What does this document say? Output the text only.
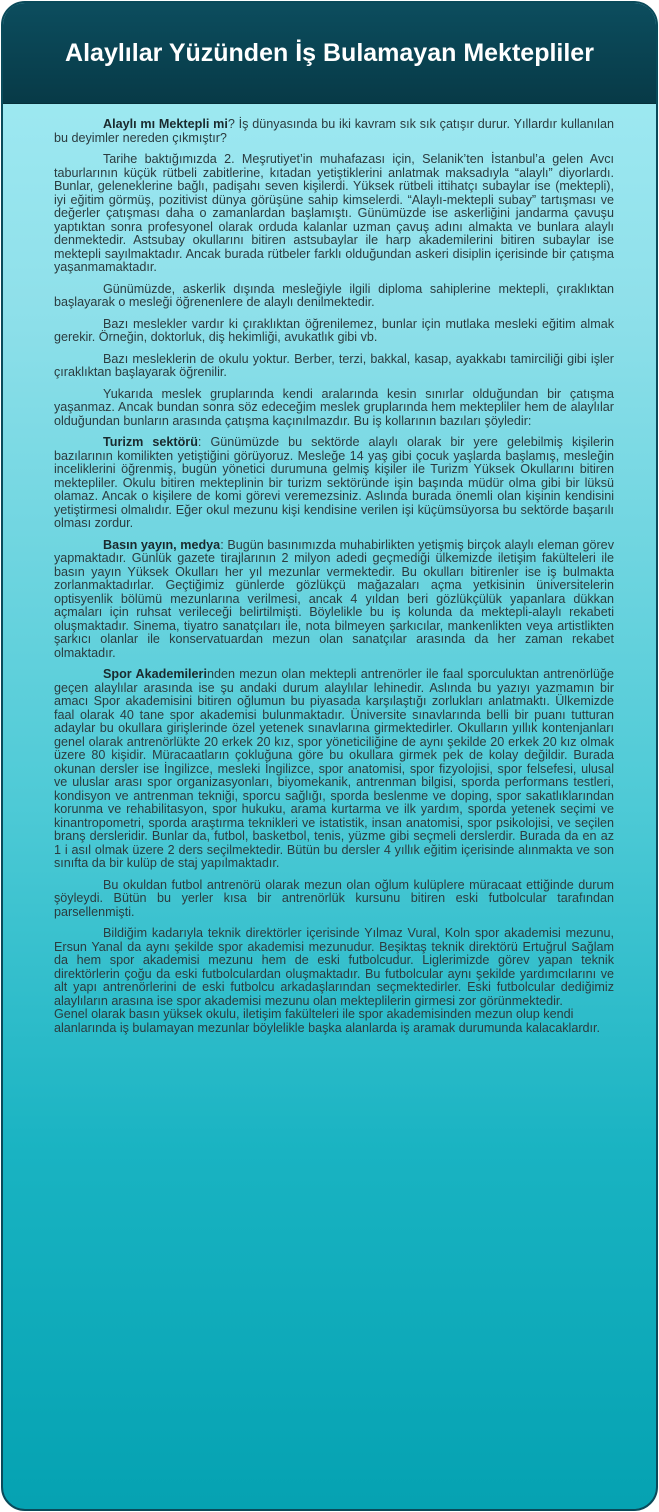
Alaylılar Yüzünden İş Bulamayan Mektepliler

Alaylı mı Mektepli mi? İş dünyasında bu iki kavram sık sık çatışır durur. Yıllardır kullanılan bu deyimler nereden çıkmıştır?

Tarihe baktığımızda 2. Meşrutiyet’in muhafazası için, Selanik’ten İstanbul’a gelen Avcı taburlarının küçük rütbeli zabitlerine, kıtadan yetiştiklerini anlatmak maksadıyla “alaylı” diyorlardı. Bunlar, geleneklerine bağlı, padişahı seven kişilerdi. Yüksek rütbeli ittihatçı subaylar ise (mektepli), iyi eğitim görmüş, pozitivist dünya görüşüne sahip kimselerdi. “Alaylı-mektepli subay” tartışması ve değerler çatışması daha o zamanlardan başlamıştı. Günümüzde ise askerliğini jandarma çavuşu yaptıktan sonra profesyonel olarak orduda kalanlar uzman çavuş adını almakta ve bunlara alaylı denmektedir. Astsubay okullarını bitiren astsubaylar ile harp akademilerini bitiren subaylar ise mektepli sayılmaktadır. Ancak burada rütbeler farklı olduğundan askeri disiplin içerisinde bir çatışma yaşanmamaktadır.

Günümüzde, askerlik dışında mesleğiyle ilgili diploma sahiplerine mektepli, çıraklıktan başlayarak o mesleği öğrenenlere de alaylı denilmektedir.

Bazı meslekler vardır ki çıraklıktan öğrenilemez, bunlar için mutlaka mesleki eğitim almak gerekir. Örneğin, doktorluk, diş hekimliği, avukatlık gibi vb.

Bazı mesleklerin de okulu yoktur. Berber, terzi, bakkal, kasap, ayakkabı tamirciliği gibi işler çıraklıktan başlayarak öğrenilir.

Yukarıda meslek gruplarında kendi aralarında kesin sınırlar olduğundan bir çatışma yaşanmaz. Ancak bundan sonra söz edeceğim meslek gruplarında hem mektepliler hem de alaylılar olduğundan bunların arasında çatışma kaçınılmazdır. Bu iş kollarının bazıları şöyledir:

Turizm sektörü: Günümüzde bu sektörde alaylı olarak bir yere gelebilmiş kişilerin bazılarının komilikten yetiştiğini görüyoruz. Mesleğe 14 yaş gibi çocuk yaşlarda başlamış, mesleğin inceliklerini öğrenmiş, bugün yönetici durumuna gelmiş kişiler ile Turizm Yüksek Okullarını bitiren mektepliler. Okulu bitiren mekteplinin bir turizm sektöründe işin başında müdür olma gibi bir lüksü olamaz. Ancak o kişilere de komi görevi veremezsiniz. Aslında burada önemli olan kişinin kendisini yetiştirmesi olmalıdır. Eğer okul mezunu kişi kendisine verilen işi küçümsüyorsa bu sektörde başarılı olması zordur.

Basın yayın, medya: Bugün basınımızda muhabirlikten yetişmiş birçok alaylı eleman görev yapmaktadır. Günlük gazete tirajlarının 2 milyon adedi geçmediği ülkemizde iletişim fakülteleri ile basın yayın Yüksek Okulları her yıl mezunlar vermektedir. Bu okulları bitirenler ise iş bulmakta zorlanmaktadırlar. Geçtiğimiz günlerde gözlükçü mağazaları açma yetkisinin üniversitelerin optisyenlik bölümü mezunlarına verilmesi, ancak 4 yıldan beri gözlükçülük yapanlara dükkan açmaları için ruhsat verileceği belirtilmişti. Böylelikle bu iş kolunda da mektepli-alaylı rekabeti oluşmaktadır. Sinema, tiyatro sanatçıları ile, nota bilmeyen şarkıcılar, mankenlikten veya artistlikten şarkıcı olanlar ile konservatuardan mezun olan sanatçılar arasında da her zaman rekabet olmaktadır.

Spor Akademilerinden mezun olan mektepli antrenörler ile faal sporculuktan antrenörlüğe geçen alaylılar arasında ise şu andaki durum alaylılar lehinedir. Aslında bu yazıyı yazmamın bir amacı Spor akademisini bitiren oğlumun bu piyasada karşılaştığı zorlukları anlatmaktı. Ülkemizde faal olarak 40 tane spor akademisi bulunmaktadır. Üniversite sınavlarında belli bir puanı tutturan adaylar bu okullara girişlerinde özel yetenek sınavlarına girmektedirler. Okulların yıllık kontenjanları genel olarak antrenörlükte 20 erkek 20 kız, spor yöneticiliğine de aynı şekilde 20 erkek 20 kız olmak üzere 80 kişidir. Müracaatların çokluğuna göre bu okullara girmek pek de kolay değildir. Burada okunan dersler ise İngilizce, mesleki İngilizce, spor anatomisi, spor fizyolojisi, spor felsefesi, ulusal ve uluslar arası spor organizasyonları, biyomekanik, antrenman bilgisi, sporda performans testleri, kondisyon ve antrenman tekniği, sporcu sağlığı, sporda beslenme ve doping, spor sakatlıklarından korunma ve rehabilitasyon, spor hukuku, arama kurtarma ve ilk yardım, sporda yetenek seçimi ve kinantropometri, sporda araştırma teknikleri ve istatistik, insan anatomisi, spor psikolojisi, ve seçilen branş dersleridir. Bunlar da, futbol, basketbol, tenis, yüzme gibi seçmeli derslerdir. Burada da en az 1 i asıl olmak üzere 2 ders seçilmektedir. Bütün bu dersler 4 yıllık eğitim içerisinde alınmakta ve son sınıfta da bir kulüp de staj yapılmaktadır.

Bu okuldan futbol antrenörü olarak mezun olan oğlum kulüplere müracaat ettiğinde durum şöyleydi. Bütün bu yerler kısa bir antrenörlük kursunu bitiren eski futbolcular tarafından parsellenmişti.

Bildiğim kadarıyla teknik direktörler içerisinde Yılmaz Vural, Koln spor akademisi mezunu, Ersun Yanal da aynı şekilde spor akademisi mezunudur. Beşiktaş teknik direktörü Ertuğrul Sağlam da hem spor akademisi mezunu hem de eski futbolcudur. Liglerimizde görev yapan teknik direktörlerin çoğu da eski futbolculardan oluşmaktadır. Bu futbolcular aynı şekilde yardımcılarını ve alt yapı antrenörlerini de eski futbolcu arkadaşlarından seçmektedirler. Eski futbolcular dediğimiz alaylıların arasına ise spor akademisi mezunu olan mekteplilerin girmesi zor görünmektedir.

Genel olarak basın yüksek okulu, iletişim fakülteleri ile spor akademisinden mezun olup kendi alanlarında iş bulamayan mezunlar böylelikle başka alanlarda iş aramak durumunda kalacaklardır.
